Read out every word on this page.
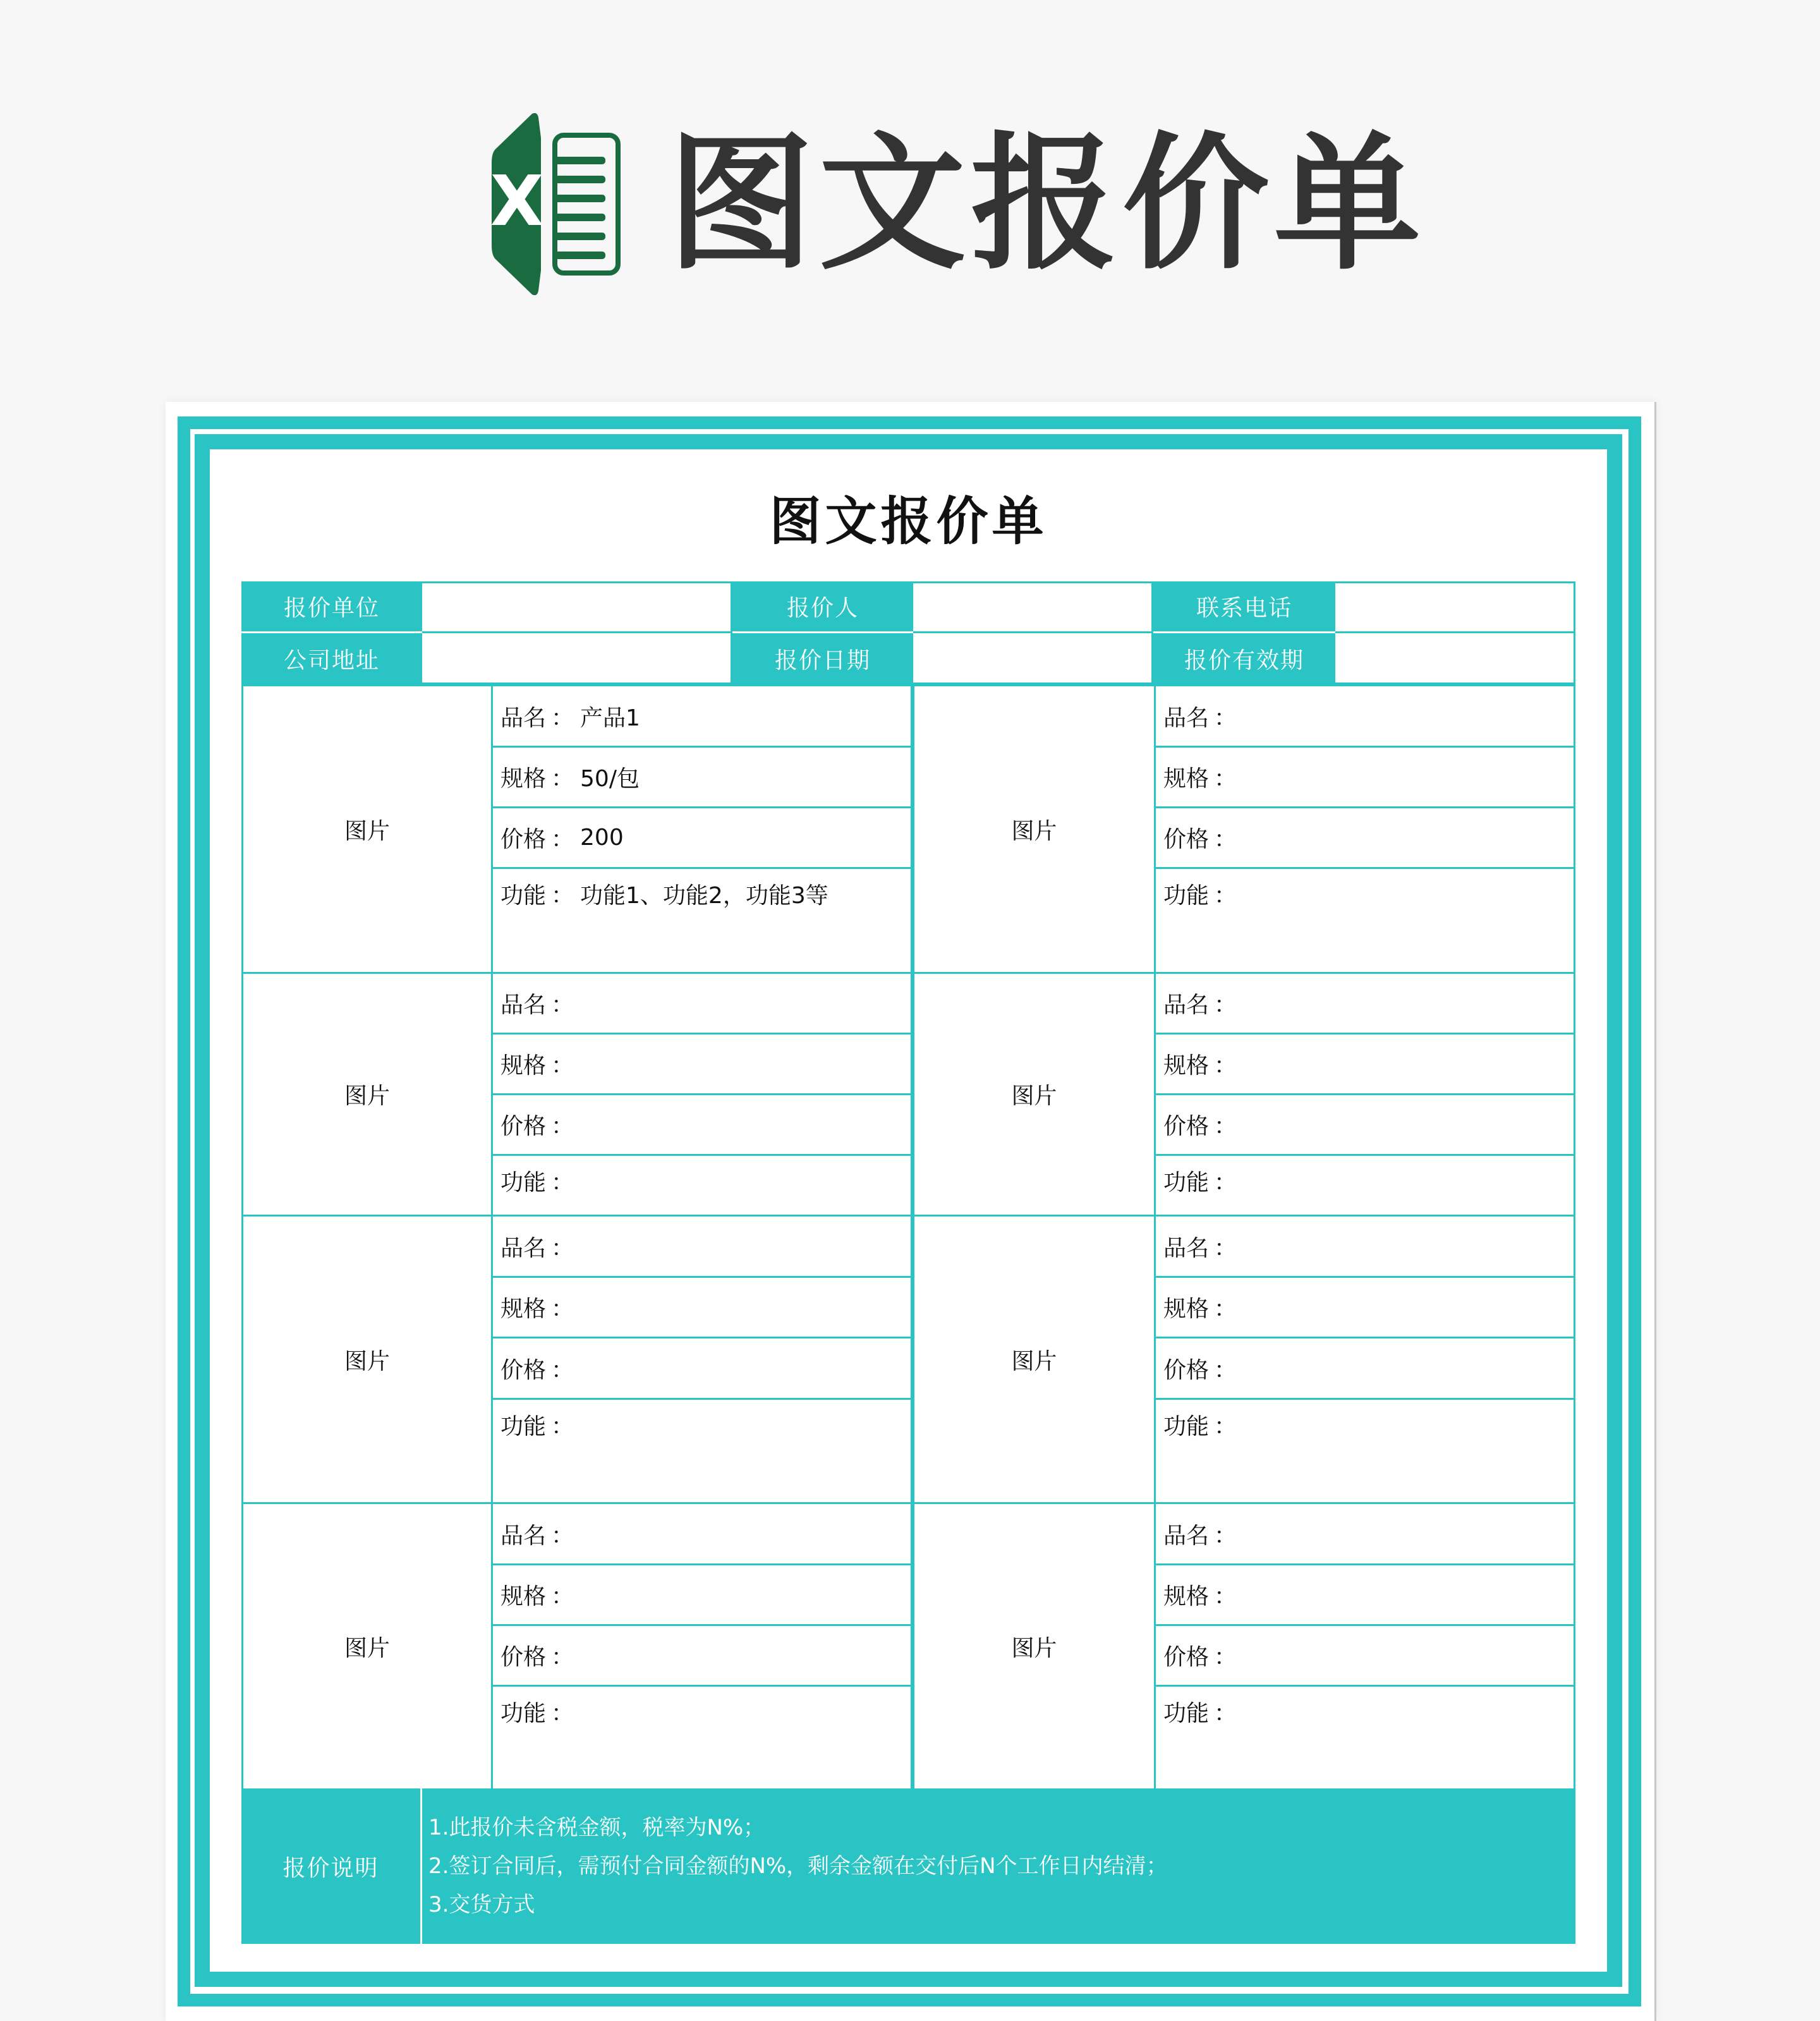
X 图文报价单
图文报价单
报价单位	报价人	联系电话
公司地址	报价日期	报价有效期
图片
品名 ： 产品1
规格 ： 50/包
价格 ： 200
功能 ： 功能1、功能2，功能3等
图片
品名 ：
规格 ：
价格 ：
功能 ：
图片
品名 ：
规格 ：
价格 ：
功能 ：
图片
品名 ：
规格 ：
价格 ：
功能 ：
图片
品名 ：
规格 ：
价格 ：
功能 ：
图片
品名 ：
规格 ：
价格 ：
功能 ：
图片
品名 ：
规格 ：
价格 ：
功能 ：
图片
品名 ：
规格 ：
价格 ：
功能 ：
报价说明
1.此报价未含税金额，税率为N%；
2.签订合同后，需预付合同金额的N%，剩余金额在交付后N个工作日内结清；
3.交货方式
